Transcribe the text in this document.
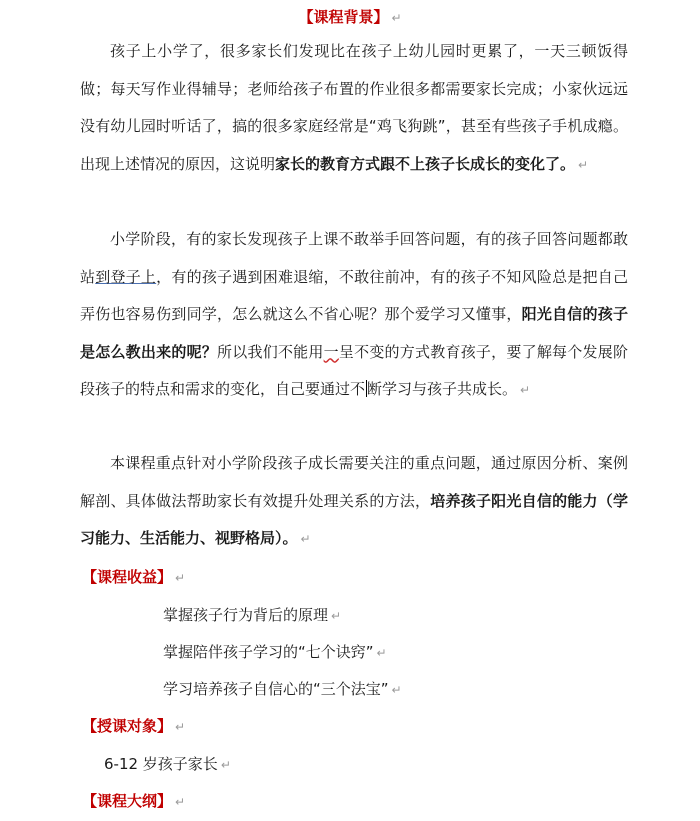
【课程背景】 ↵

孩子上小学了，很多家长们发现比在孩子上幼儿园时更累了，一天三顿饭得做；每天写作业得辅导；老师给孩子布置的作业很多都需要家长完成；小家伙远远没有幼儿园时听话了，搞的很多家庭经常是“鸡飞狗跳”，甚至有些孩子手机成瘾。出现上述情况的原因，这说明家长的教育方式跟不上孩子长成长的变化了。 ↵

小学阶段，有的家长发现孩子上课不敢举手回答问题，有的孩子回答问题都敢站到登子上，有的孩子遇到困难退缩，不敢往前冲，有的孩子不知风险总是把自己弄伤也容易伤到同学，怎么就这么不省心呢？那个爱学习又懂事，阳光自信的孩子是怎么教出来的呢？所以我们不能用一呈不变的方式教育孩子，要了解每个发展阶段孩子的特点和需求的变化，自己要通过不 断学习与孩子共成长。 ↵

本课程重点针对小学阶段孩子成长需要关注的重点问题，通过原因分析、案例解剖、具体做法帮助家长有效提升处理关系的方法，培养孩子阳光自信的能力（学习能力、生活能力、视野格局）。 ↵

【课程收益】 ↵
掌握孩子行为背后的原理 ↵
掌握陪伴孩子学习的“七个诀窍” ↵
学习培养孩子自信心的“三个法宝” ↵
【授课对象】 ↵
6-12 岁孩子家长 ↵
【课程大纲】 ↵
